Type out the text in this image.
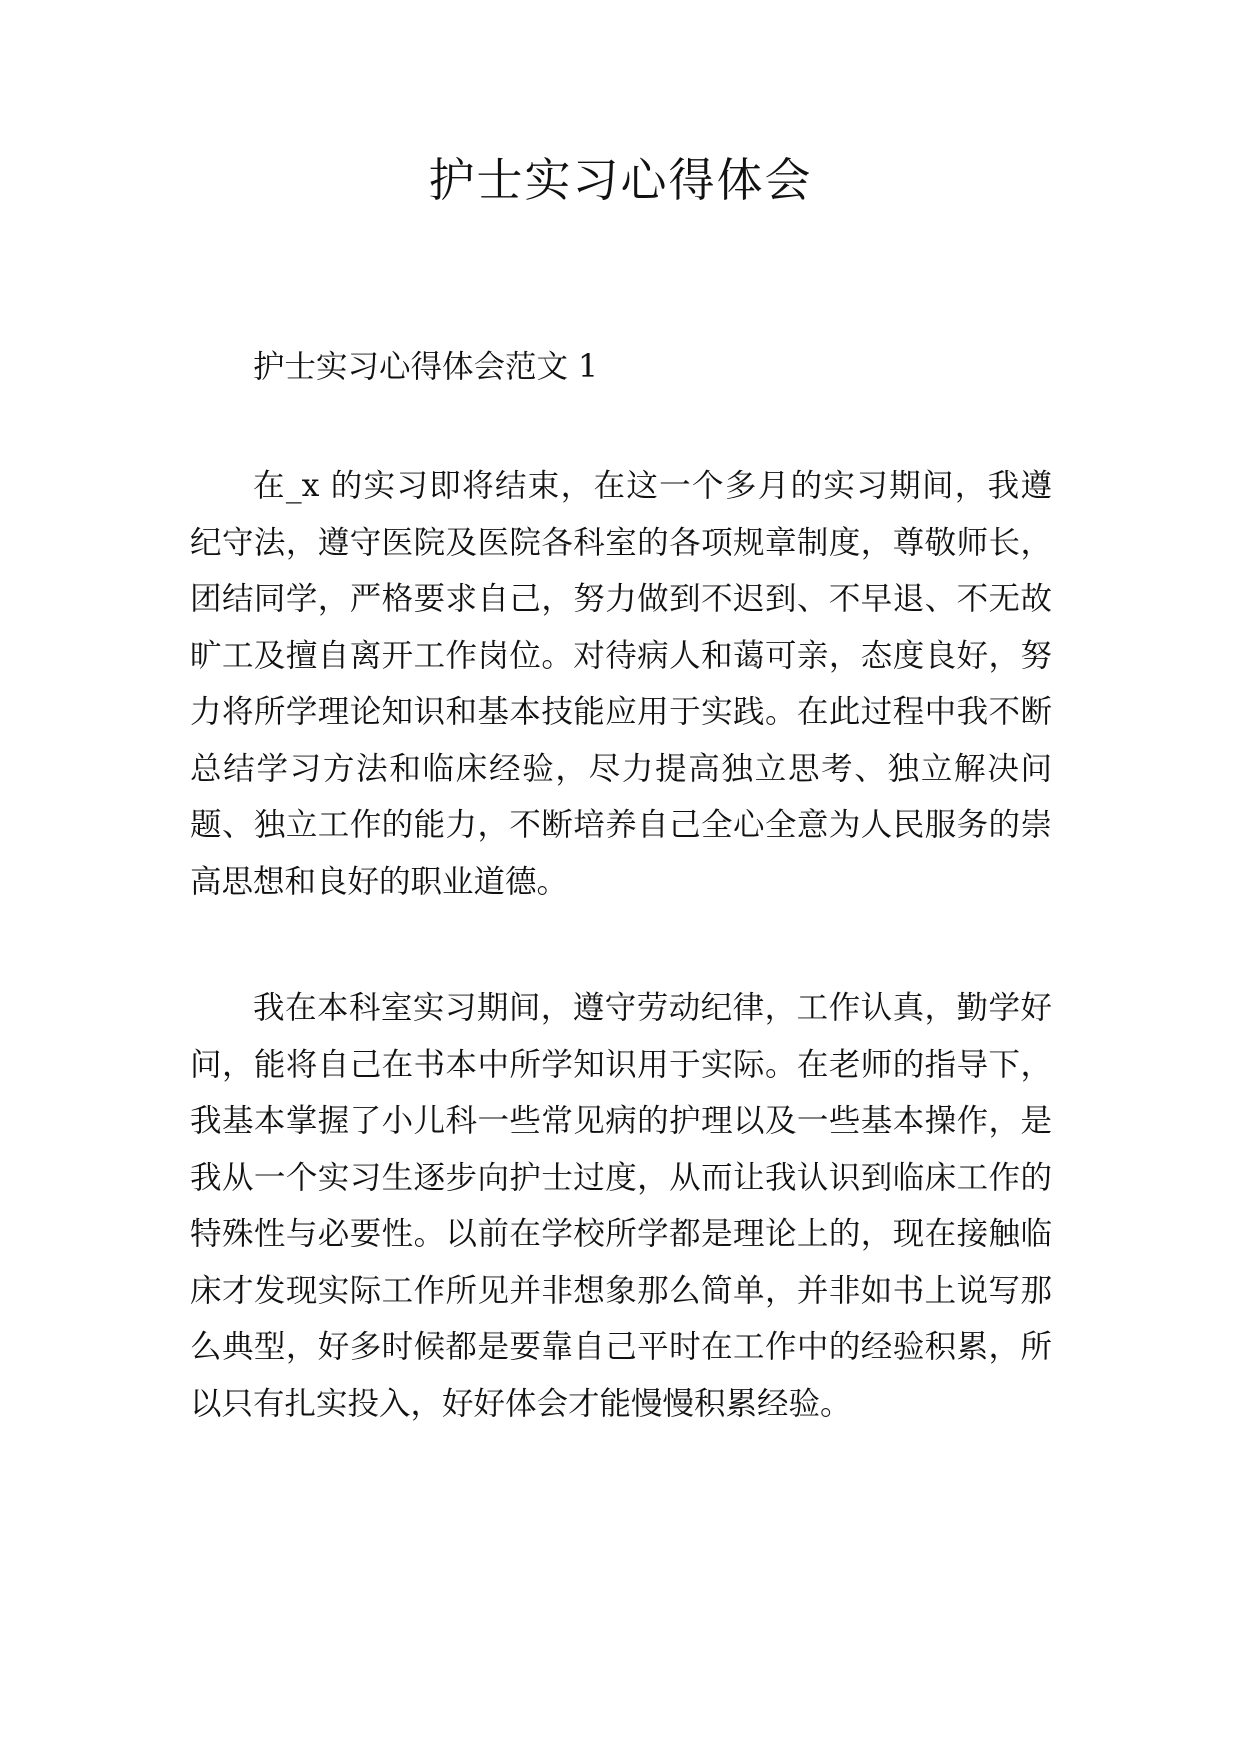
护士实习心得体会

护士实习心得体会范文 1

在_x 的实习即将结束，在这一个多月的实习期间，我遵纪守法，遵守医院及医院各科室的各项规章制度，尊敬师长，团结同学，严格要求自己，努力做到不迟到、不早退、不无故旷工及擅自离开工作岗位。对待病人和蔼可亲，态度良好，努力将所学理论知识和基本技能应用于实践。在此过程中我不断总结学习方法和临床经验，尽力提高独立思考、独立解决问题、独立工作的能力，不断培养自己全心全意为人民服务的崇高思想和良好的职业道德。

我在本科室实习期间，遵守劳动纪律，工作认真，勤学好问，能将自己在书本中所学知识用于实际。在老师的指导下，我基本掌握了小儿科一些常见病的护理以及一些基本操作，是我从一个实习生逐步向护士过度，从而让我认识到临床工作的特殊性与必要性。以前在学校所学都是理论上的，现在接触临床才发现实际工作所见并非想象那么简单，并非如书上说写那么典型，好多时候都是要靠自己平时在工作中的经验积累，所以只有扎实投入，好好体会才能慢慢积累经验。
